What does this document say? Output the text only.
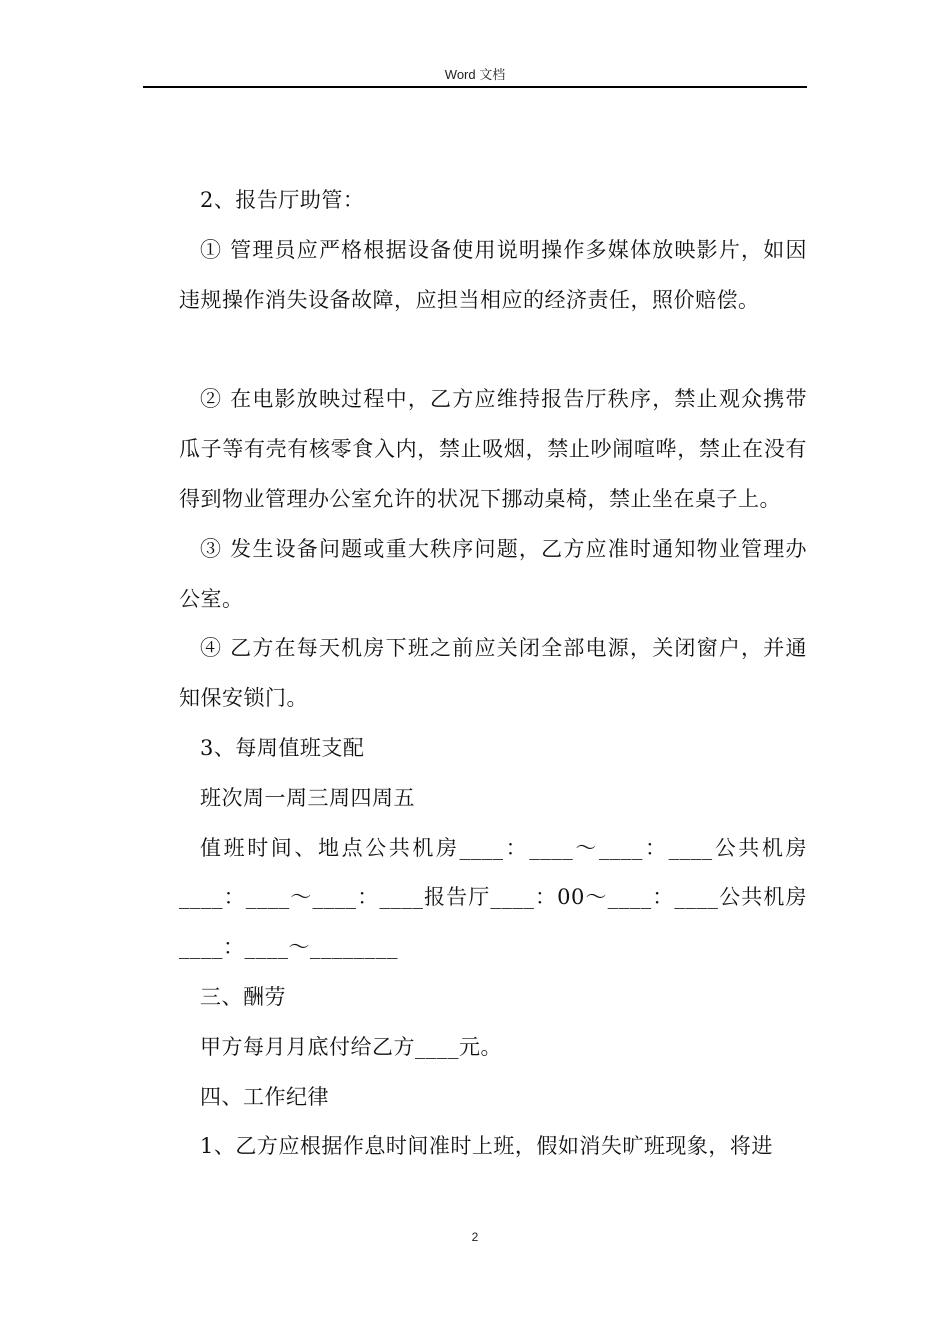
Word 文档

2、报告厅助管：

① 管理员应严格根据设备使用说明操作多媒体放映影片，如因违规操作消失设备故障，应担当相应的经济责任，照价赔偿。

② 在电影放映过程中，乙方应维持报告厅秩序，禁止观众携带瓜子等有壳有核零食入内，禁止吸烟，禁止吵闹喧哗，禁止在没有得到物业管理办公室允许的状况下挪动桌椅，禁止坐在桌子上。

③ 发生设备问题或重大秩序问题，乙方应准时通知物业管理办公室。

④ 乙方在每天机房下班之前应关闭全部电源，关闭窗户，并通知保安锁门。

3、每周值班支配

班次周一周三周四周五

值班时间、地点公共机房____：____～____：____公共机房____：____～____：____报告厅____：00～____：____公共机房____：____～________

三、酬劳

甲方每月月底付给乙方____元。

四、工作纪律

1、乙方应根据作息时间准时上班，假如消失旷班现象，将进

2
